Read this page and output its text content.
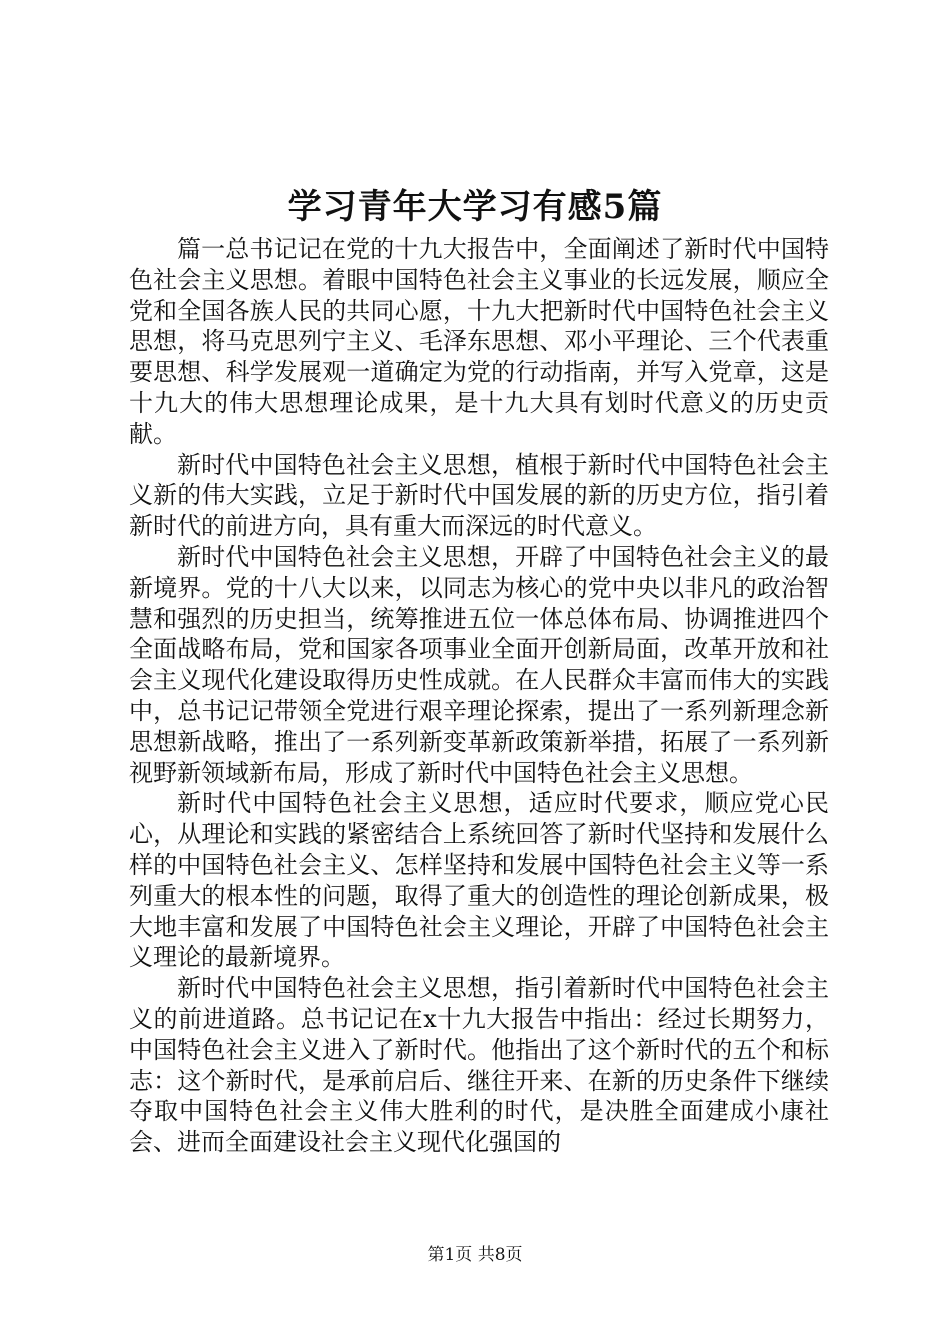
学习青年大学习有感5篇

篇一总书记记在党的十九大报告中，全面阐述了新时代中国特色社会主义思想。着眼中国特色社会主义事业的长远发展，顺应全党和全国各族人民的共同心愿，十九大把新时代中国特色社会主义思想，将马克思列宁主义、毛泽东思想、邓小平理论、三个代表重要思想、科学发展观一道确定为党的行动指南，并写入党章，这是十九大的伟大思想理论成果，是十九大具有划时代意义的历史贡献。

新时代中国特色社会主义思想，植根于新时代中国特色社会主义新的伟大实践，立足于新时代中国发展的新的历史方位，指引着新时代的前进方向，具有重大而深远的时代意义。

新时代中国特色社会主义思想，开辟了中国特色社会主义的最新境界。党的十八大以来，以同志为核心的党中央以非凡的政治智慧和强烈的历史担当，统筹推进五位一体总体布局、协调推进四个全面战略布局，党和国家各项事业全面开创新局面，改革开放和社会主义现代化建设取得历史性成就。在人民群众丰富而伟大的实践中，总书记记带领全党进行艰辛理论探索，提出了一系列新理念新思想新战略，推出了一系列新变革新政策新举措，拓展了一系列新视野新领域新布局，形成了新时代中国特色社会主义思想。

新时代中国特色社会主义思想，适应时代要求，顺应党心民心，从理论和实践的紧密结合上系统回答了新时代坚持和发展什么样的中国特色社会主义、怎样坚持和发展中国特色社会主义等一系列重大的根本性的问题，取得了重大的创造性的理论创新成果，极大地丰富和发展了中国特色社会主义理论，开辟了中国特色社会主义理论的最新境界。

新时代中国特色社会主义思想，指引着新时代中国特色社会主义的前进道路。总书记记在x十九大报告中指出：经过长期努力，中国特色社会主义进入了新时代。他指出了这个新时代的五个和标志：这个新时代，是承前启后、继往开来、在新的历史条件下继续夺取中国特色社会主义伟大胜利的时代，是决胜全面建成小康社会、进而全面建设社会主义现代化强国的

第1页 共8页
